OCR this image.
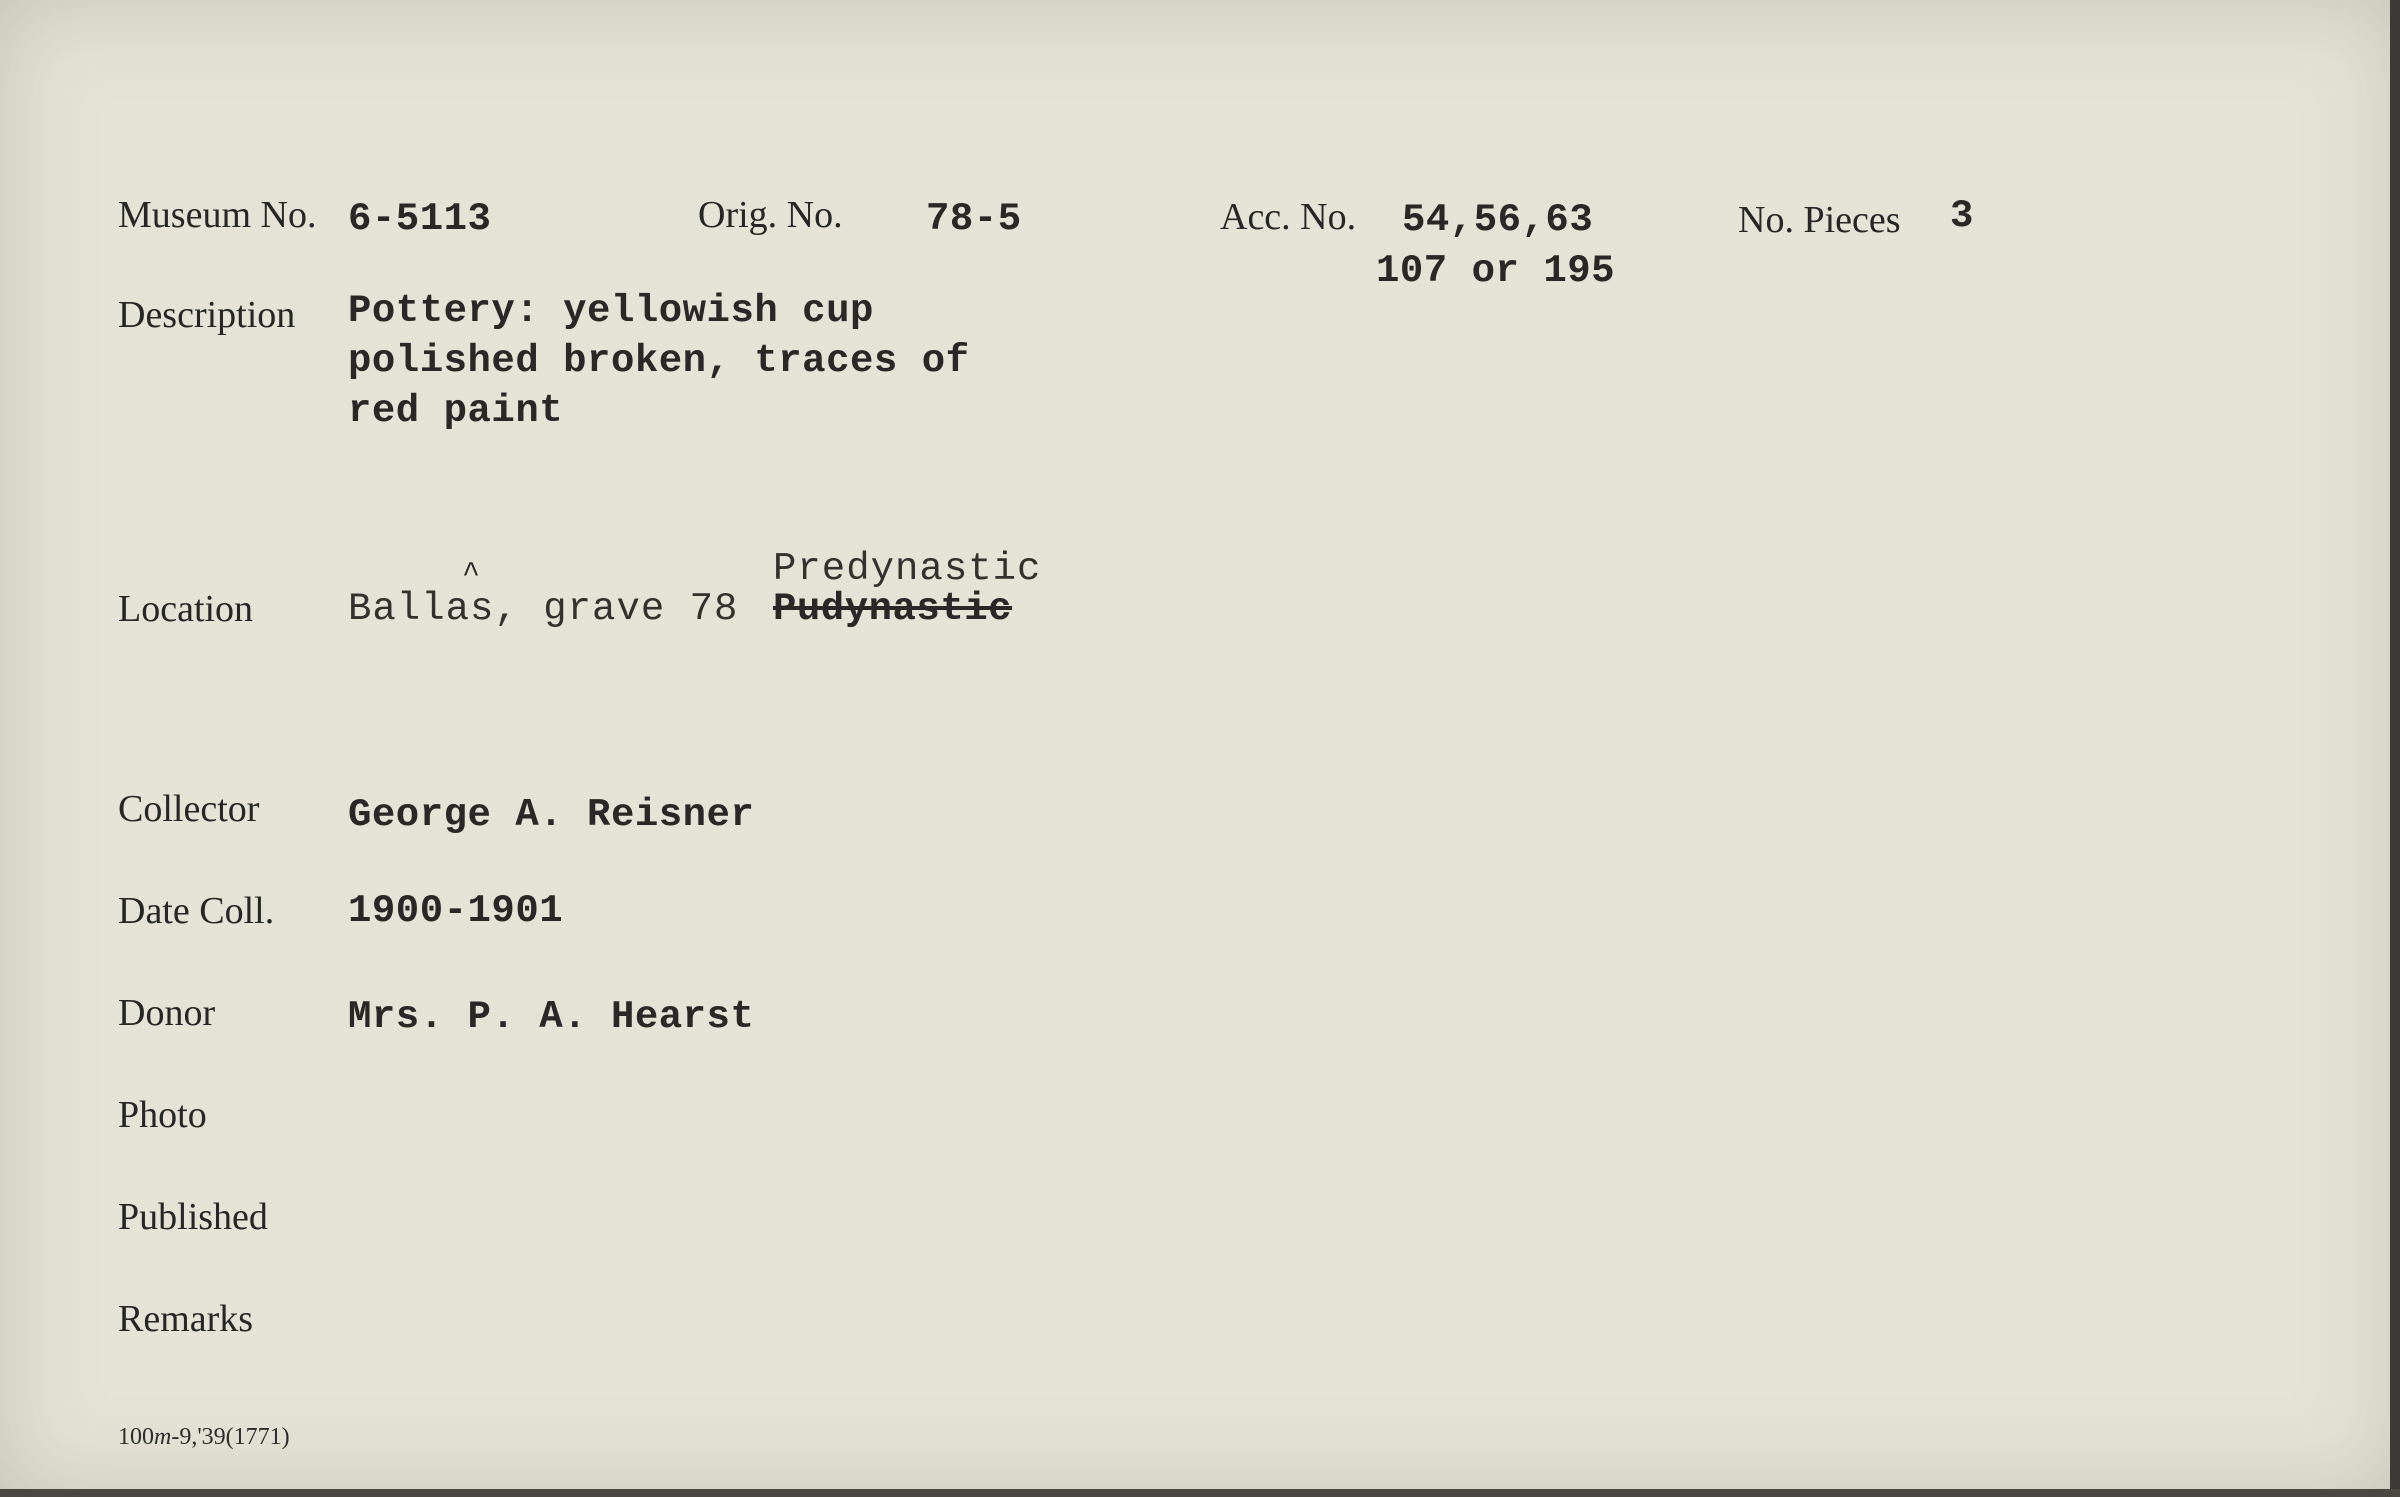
Museum No. 6-5113	Orig. No. 78-5	Acc. No. 54,56,63
107 or 195
No. Pieces 3
Description Pottery: yellowish cup
polished broken, traces of
red paint
Location
^
Ballas, grave 78
Predynastic
Pudynastic
Collector George A. Reisner
Date Coll. 1900-1901
Donor	Mrs. P. A. Hearst
Photo
Published
Remarks
100m-9,'39(1771)
